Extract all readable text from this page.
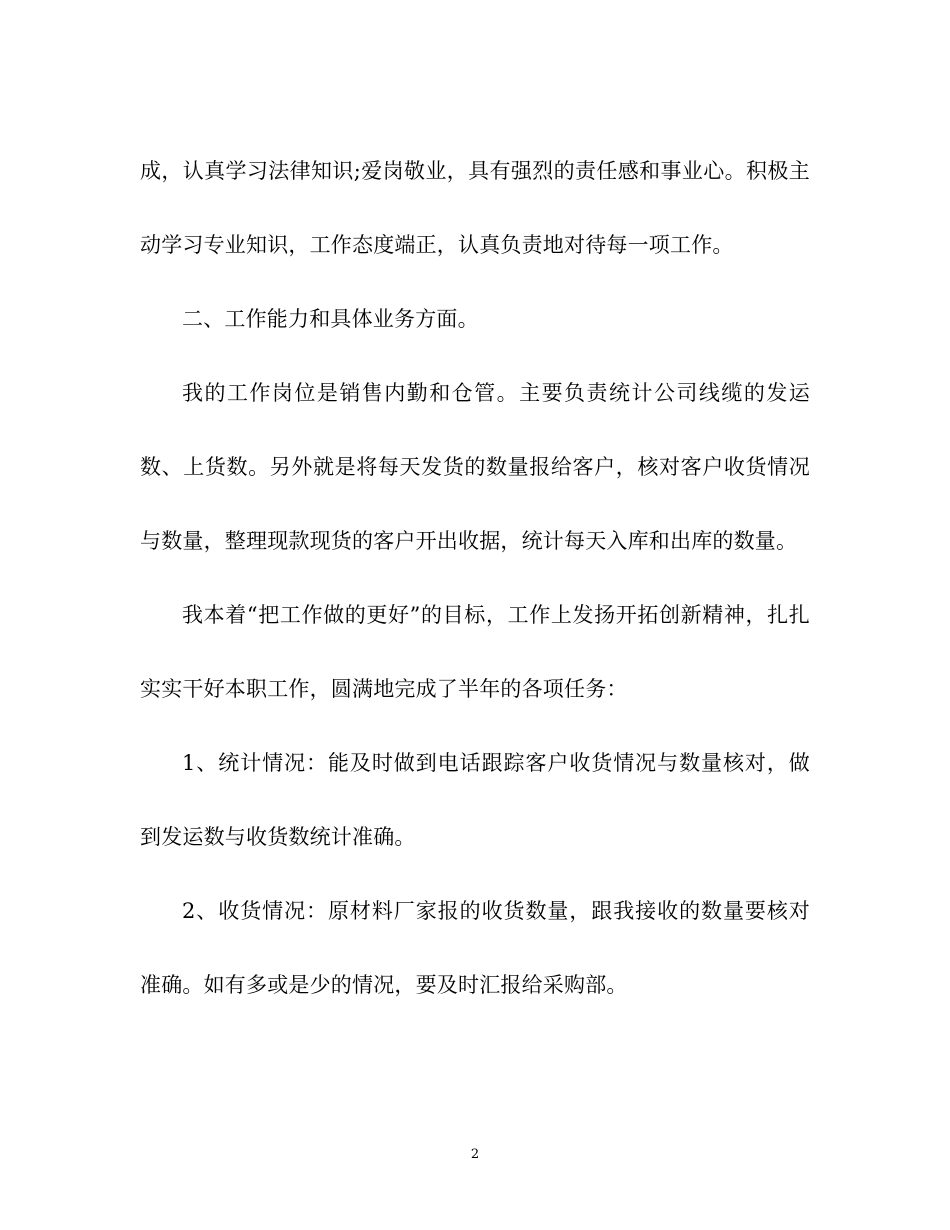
成，认真学习法律知识;爱岗敬业，具有强烈的责任感和事业心。积极主动学习专业知识，工作态度端正，认真负责地对待每一项工作。

二、工作能力和具体业务方面。

我的工作岗位是销售内勤和仓管。主要负责统计公司线缆的发运数、上货数。另外就是将每天发货的数量报给客户，核对客户收货情况与数量，整理现款现货的客户开出收据，统计每天入库和出库的数量。

我本着“把工作做的更好”的目标，工作上发扬开拓创新精神，扎扎实实干好本职工作，圆满地完成了半年的各项任务：

1、统计情况：能及时做到电话跟踪客户收货情况与数量核对，做到发运数与收货数统计准确。

2、收货情况：原材料厂家报的收货数量，跟我接收的数量要核对准确。如有多或是少的情况，要及时汇报给采购部。

2
